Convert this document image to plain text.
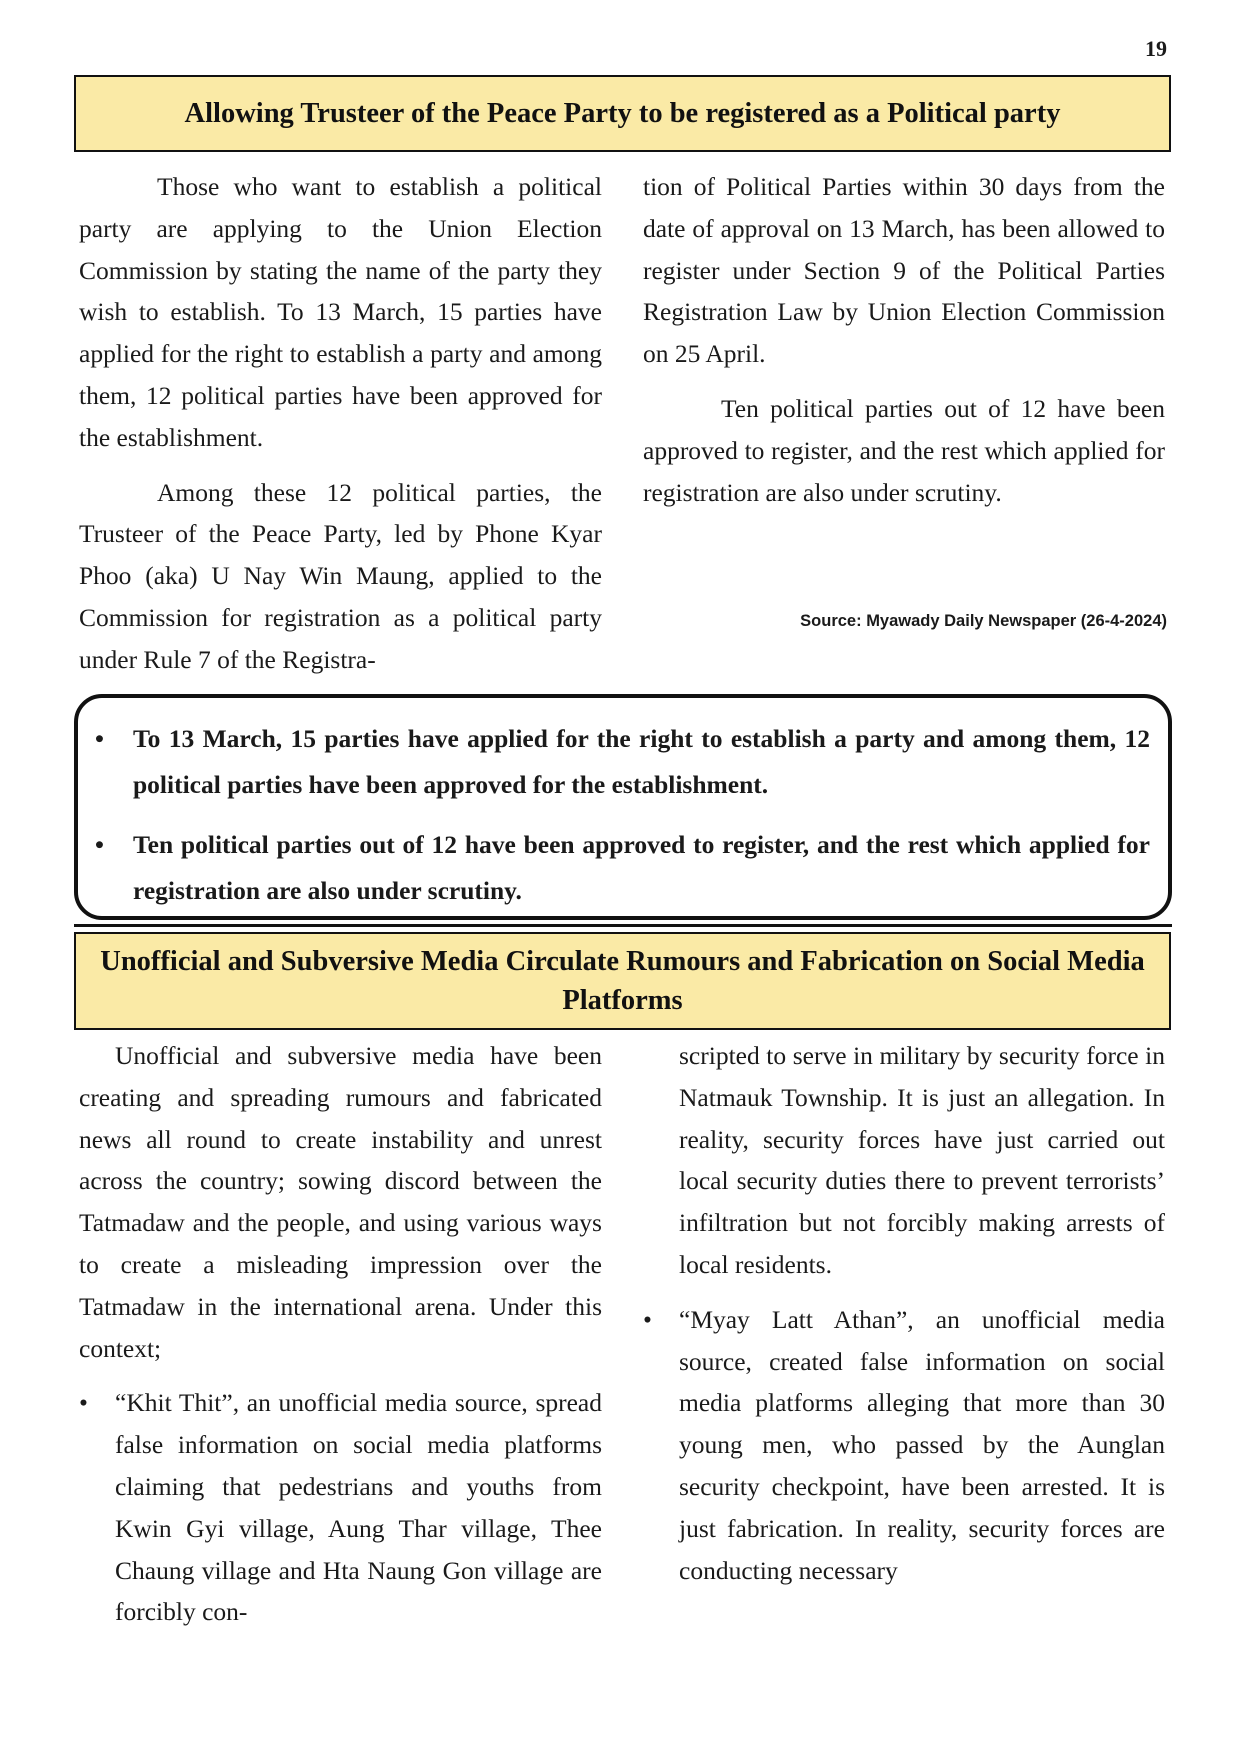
19
Allowing Trusteer of the Peace Party to be registered as a Political party

Those who want to establish a political party are applying to the Union Election Commission by stating the name of the party they wish to establish. To 13 March, 15 parties have applied for the right to establish a party and among them, 12 political parties have been approved for the establishment.

Among these 12 political parties, the Trusteer of the Peace Party, led by Phone Kyar Phoo (aka) U Nay Win Maung, applied to the Commission for registration as a political party under Rule 7 of the Registra-

tion of Political Parties within 30 days from the date of approval on 13 March, has been allowed to register under Section 9 of the Political Parties Registration Law by Union Election Commission on 25 April.

Ten political parties out of 12 have been approved to register, and the rest which applied for registration are also under scrutiny.

Source: Myawady Daily Newspaper (26-4-2024)
• To 13 March, 15 parties have applied for the right to establish a party and among them, 12 political parties have been approved for the establishment.
• Ten political parties out of 12 have been approved to register, and the rest which applied for registration are also under scrutiny.
Unofficial and Subversive Media Circulate Rumours and Fabrication on Social Media Platforms

Unofficial and subversive media have been creating and spreading rumours and fabricated news all round to create instability and unrest across the country; sowing discord between the Tatmadaw and the people, and using various ways to create a misleading impression over the Tatmadaw in the international arena. Under this context;

• “Khit Thit”, an unofficial media source, spread false information on social media platforms claiming that pedestrians and youths from Kwin Gyi village, Aung Thar village, Thee Chaung village and Hta Naung Gon village are forcibly con-

scripted to serve in military by security force in Natmauk Township. It is just an allegation. In reality, security forces have just carried out local security duties there to prevent terrorists’ infiltration but not forcibly making arrests of local residents.

• “Myay Latt Athan”, an unofficial media source, created false information on social media platforms alleging that more than 30 young men, who passed by the Aunglan security checkpoint, have been arrested. It is just fabrication. In reality, security forces are conducting necessary
